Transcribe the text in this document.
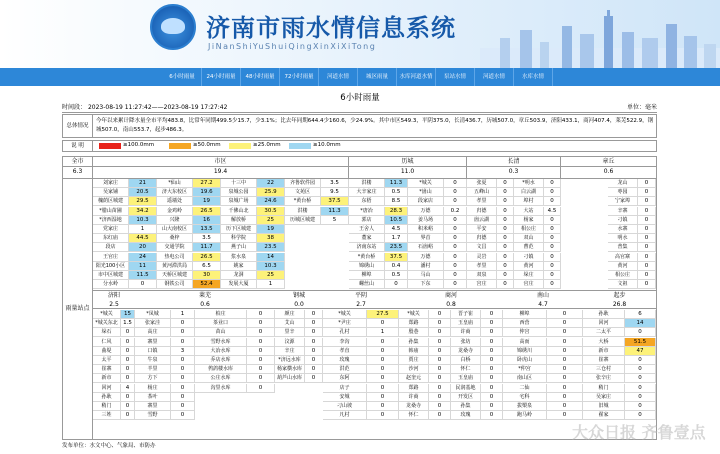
济南市雨水情信息系统
JiNanShiYuShuiQingXinXiXiTong
6小时雨量	24小时雨量	48小时雨量	72小时雨量	河道水情	城区雨量	水库河道水情	泵站水情	河道水情	水库水情
6小时雨量
时间段： 2023-08-19 11:27:42——2023-08-19 17:27:42	单位：毫米
总体情况
今年以来累计降水量全市平均483.8，比常年同期499.5少15.7，少3.1%；比去年同期644.4少160.6，少24.9%。其中市区549.3，平阴375.0，长清436.7，历城507.0，章丘503.9，济阳433.1，商河407.4，莱芜522.9，钢城507.0，南山553.7，起步486.3。
说 明	≥100.0mm	≥50.0mm	≥25.0mm	≥10.0mm
全市
6.3
市区
19.4
历城
11.0
长清
0.3
章丘
0.6
雨量站点
刘家庄	21	*仙山	27.2	十三中	22	齐鲁软件园	3.5
吴家铺	20.5	济大东校区	19.6	泉城公园	25.9	文苑区	9.5
槐荫区城建	29.5	遥墙处	19	泉城广场	24.6	*黄台桥	37.5
*腊山苗圃	34.2	金鸡岭	26.5	千佛山北	30.5	洪楼	11.3
*济西湿地	10.3	兴隆	16	解放桥	25	历城区城建	5
党家庄	1	山大南校区	13.5	历下区城建	19
东红庙	44.5	桑梓	3.5	科学院	38
段店	20	交通学院	11.7	燕子山	23.5
王官庄	24	热电公司	26.5	浆水泉	14
阳光100小区	11	黄河滞洪局	6.5	姚家	10.3
市中区城建	11.5	天桥区城建	30	龙洞	25
分水岭	0	钢铁公司	52.4	发展大厦	1
洪楼	11.3	*城关	0
大辛家庄	0.5	*崮山	0
东梧	8.5	段家店	0
*唐冶	28.3	万德	0.2
郭店	10.5	姜马场	0
王舍人	4.5	积米峪	0
董家	1.7	界首	0
济南东站	23.5	石崮峪	0
*黄台桥	37.5	万德	0
锦绣山	0.4	潘村	0
柳埠	0.5	马山	0
螺丝山	0	下东	0
张夏	0	*明水	0
五峰山	0	白云湖	0
孝里	0	埠村	0
归德	0	大站	4.5
崮云湖	0	杨家	0
平安	0	相公庄	0
归德	0	双山	0
文昌	0	曹范	0
灵岩	0	刁镇	0
孝里	0	黄河	0
双泉	0	垛庄	0
宫庄	0	官庄	0
龙山	0
枣园	0
宁家埠	0
辛寨	0
刁镇	0
水寨	0
明水	0
普集	0
高官寨	0
黄河	0
相公庄	0
文祖	0
济阳
2.5
莱芜
0.6
钢城
0.0
平阴
2.7
商河
0.8
南山
4.7
起步
26.8
*城关	15
*城关东北 1.5
垛石	0
仁风	0
曲堤	0
太平	0
崔寨	0
新市	0
回河	4
孙耿	0
稍门	0
三姓	0
*凤城	1	柏庄	0
张家洼	0	茶业口	0
高庄	0	苗山	0
寨里	0	雪野水库	0
口镇	3	大冶水库	0
牛泉	0	乔店水库	0
羊里	0	鹁鸽楼水库	0
方下	0	公庄水库	0
杨庄	0	沟里水库	0
茶叶	0
寨里	0
雪野	0
颜庄	0
艾山	0
里辛	0
汶源	0
辛庄	0
*济远水库	0
杨家横水库	0
葫芦山水库	0
*城关	27.5
*尹庄	0
孔村	1
李沟	0
孝直	0
玫瑰	0
洪范	0
东阿	0
店子	0
安城	0
刁山坡	0
凡村	0
*城关	0	晋子崔	0
郑路	0	玉皇庙	0
殷巷	0	许商	0
孙集	0	张坊	0
韩庙	0	龙桑寺	0
贾庄	0	白桥	0
沙河	0	怀仁	0
赵奎元	0	玉皇庙	0
郑路	0	民润基地	0
许商	0	开发区	0
龙桑寺	0	孙集	0
怀仁	0	玫瑰	0
柳埠	0
西营	0
仲宫	0
高而	0
锦绣川	0
卧虎山	0
*仲宫	0
南山区	0
二仙	0
宅科	0
拔槊泉	0
跑马岭	0
孙耿	6
回河	14
二太平	0
大桥	51.5
新市	47
崔寨	0
三仓村	0
张辛庄	0
稍门	0
吴家庄	0
旧城	0
翟家	0
发布单位：水文中心、气象局、市防办
大众日报 齐鲁壹点
